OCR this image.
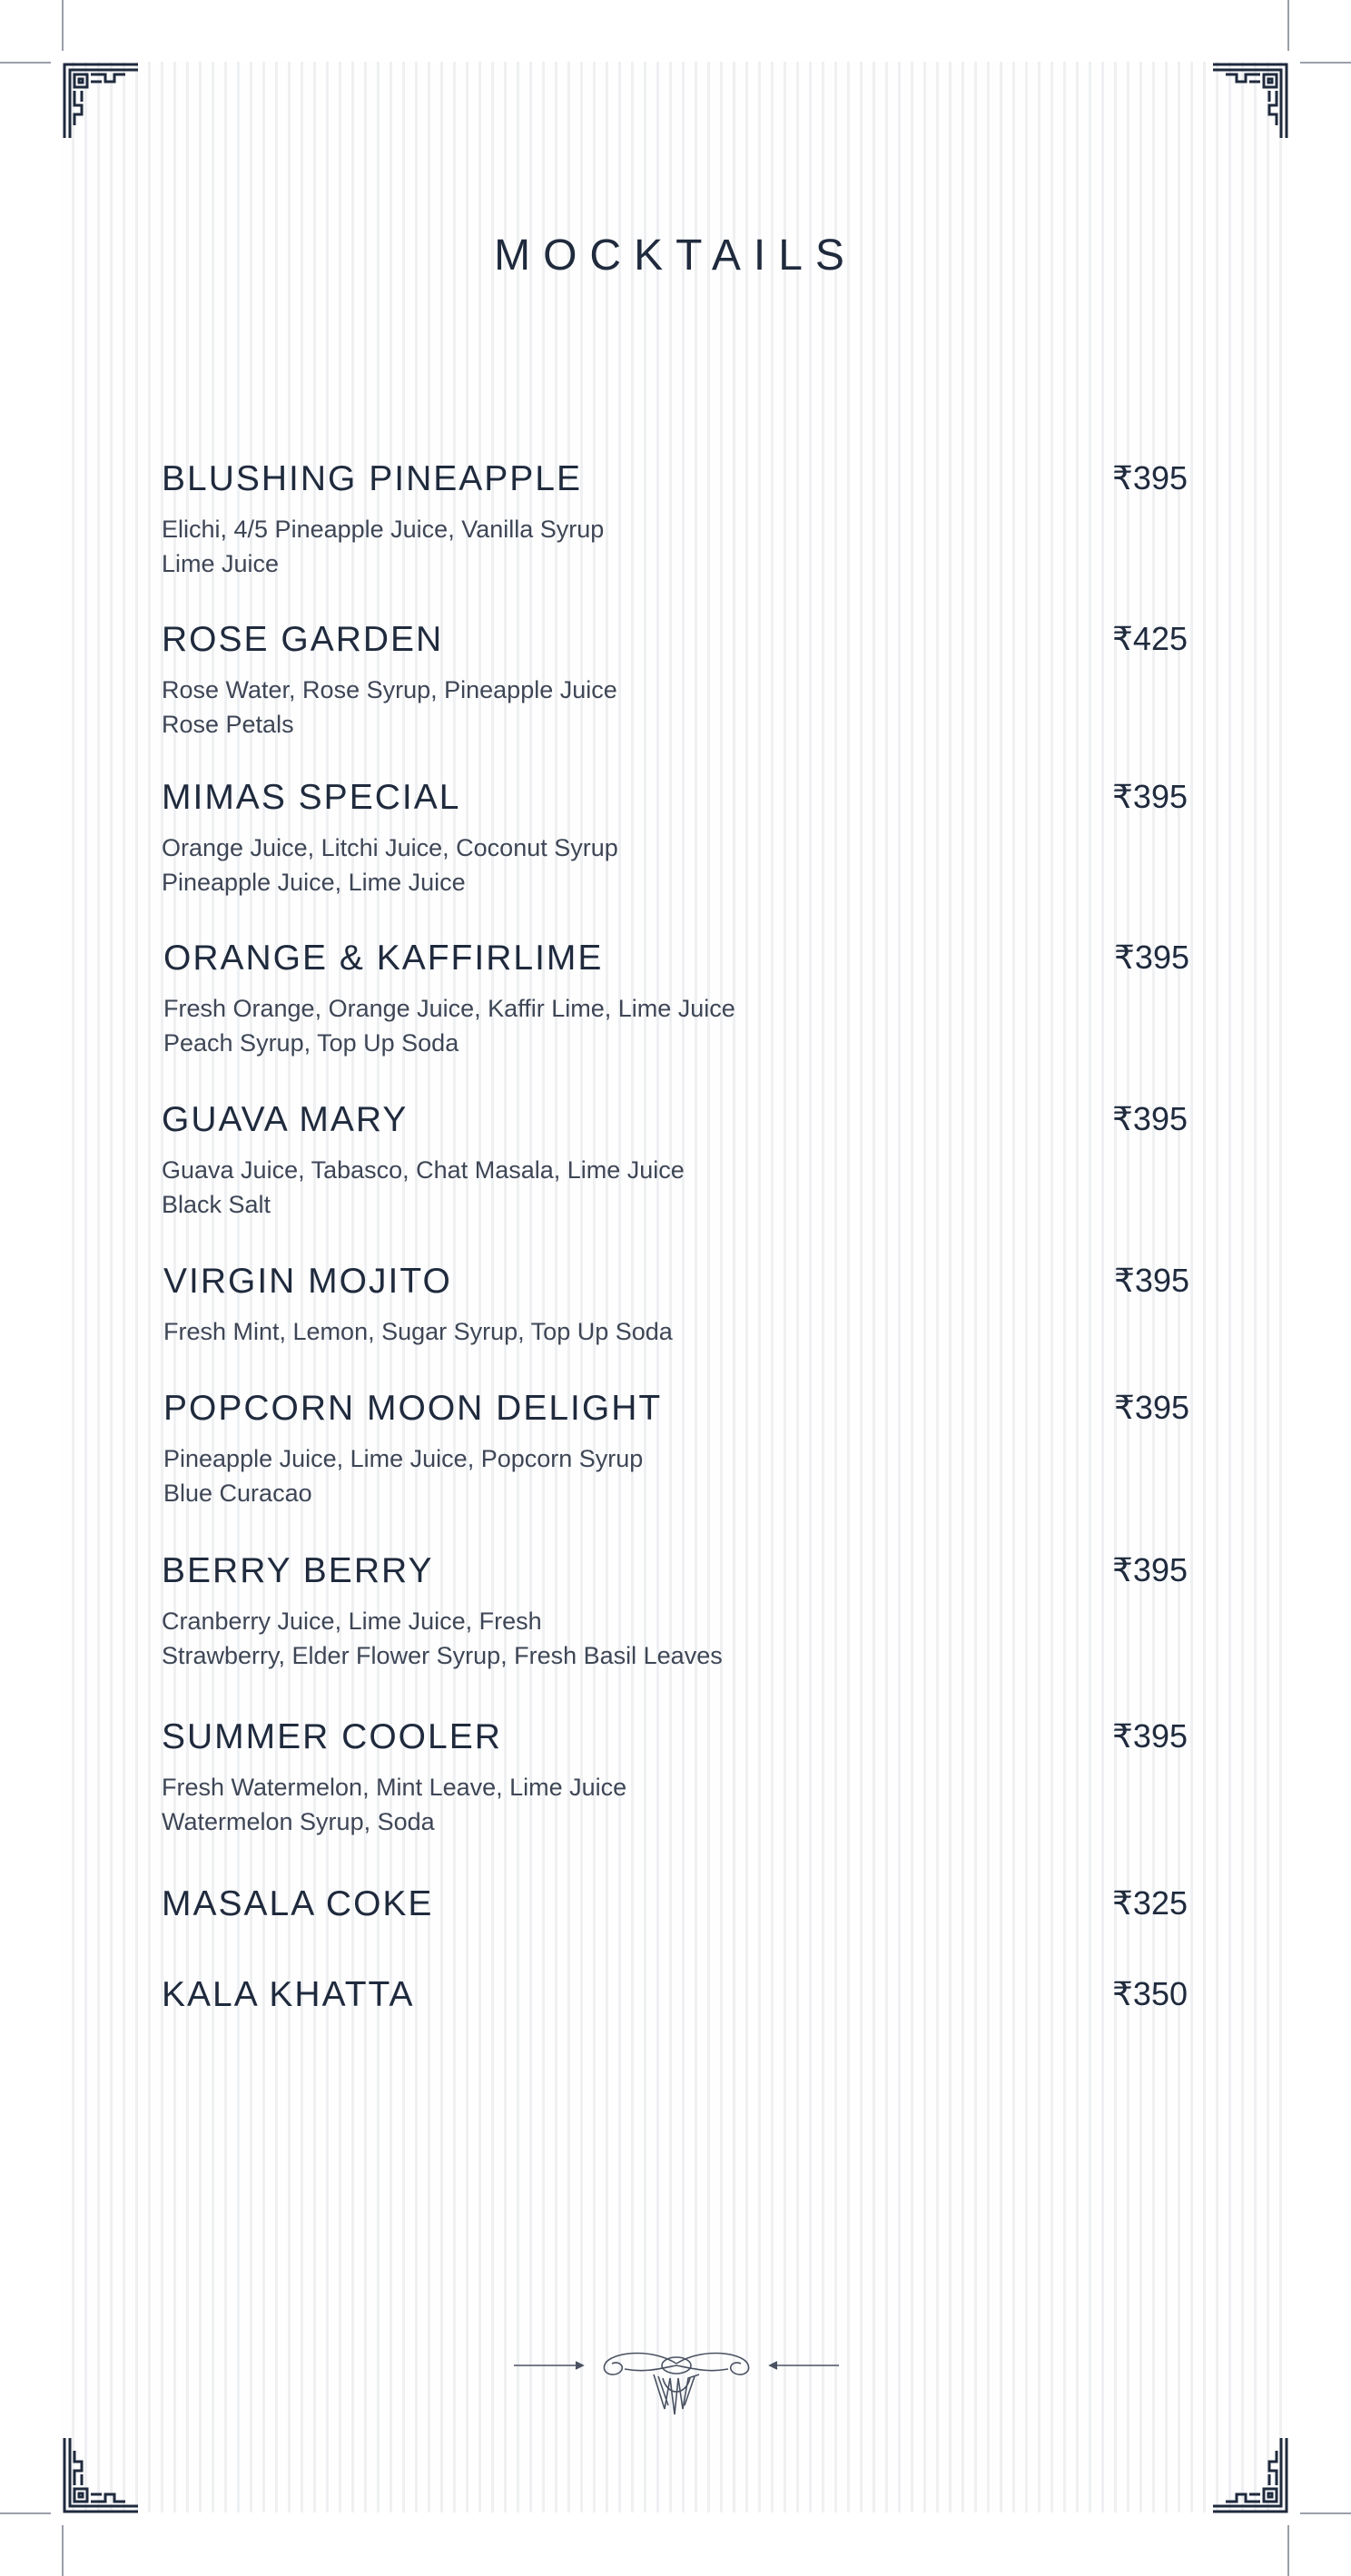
MOCKTAILS
BLUSHING PINEAPPLE	₹395
Elichi, 4/5 Pineapple Juice, Vanilla Syrup
Lime Juice
ROSE GARDEN	₹425
Rose Water, Rose Syrup, Pineapple Juice
Rose Petals
MIMAS SPECIAL	₹395
Orange Juice, Litchi Juice, Coconut Syrup
Pineapple Juice, Lime Juice
ORANGE & KAFFIRLIME	₹395
Fresh Orange, Orange Juice, Kaffir Lime, Lime Juice
Peach Syrup, Top Up Soda
GUAVA MARY	₹395
Guava Juice, Tabasco, Chat Masala, Lime Juice
Black Salt
VIRGIN MOJITO	₹395
Fresh Mint, Lemon, Sugar Syrup, Top Up Soda
POPCORN MOON DELIGHT	₹395
Pineapple Juice, Lime Juice, Popcorn Syrup
Blue Curacao
BERRY BERRY	₹395
Cranberry Juice, Lime Juice, Fresh
Strawberry, Elder Flower Syrup, Fresh Basil Leaves
SUMMER COOLER	₹395
Fresh Watermelon, Mint Leave, Lime Juice
Watermelon Syrup, Soda
MASALA COKE	₹325
KALA KHATTA	₹350
